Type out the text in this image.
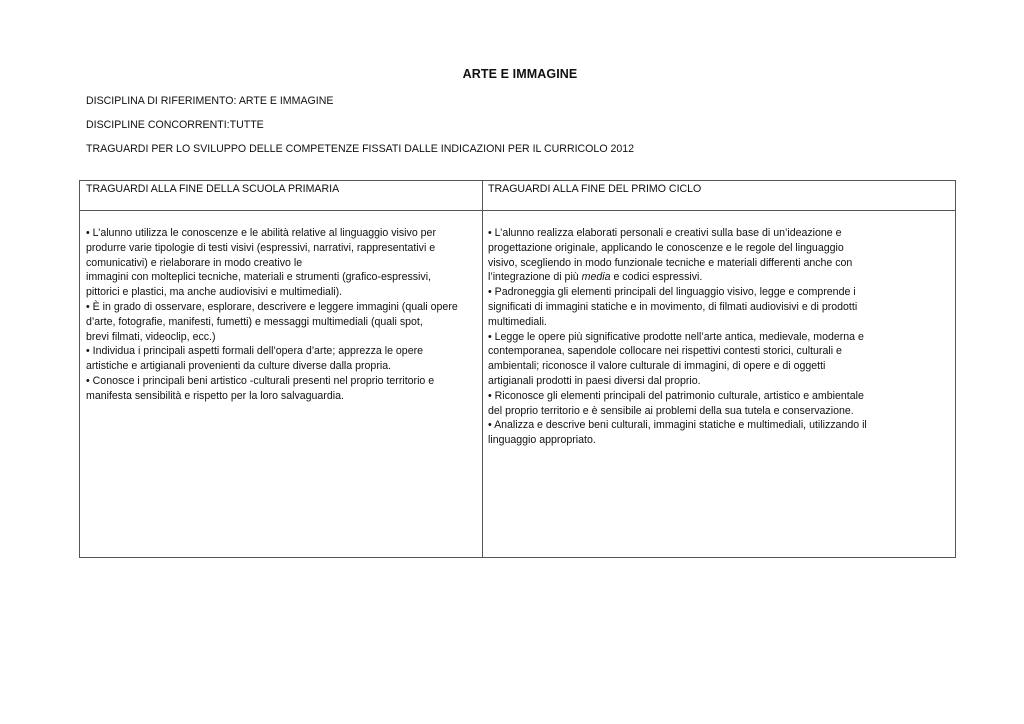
ARTE E IMMAGINE
DISCIPLINA DI RIFERIMENTO: ARTE E IMMAGINE
DISCIPLINE CONCORRENTI:TUTTE
TRAGUARDI PER LO SVILUPPO DELLE COMPETENZE FISSATI DALLE INDICAZIONI PER IL CURRICOLO 2012
TRAGUARDI ALLA FINE DELLA SCUOLA PRIMARIA	TRAGUARDI ALLA FINE DEL PRIMO CICLO
• L’alunno utilizza le conoscenze e le abilità relative al linguaggio visivo per
produrre varie tipologie di testi visivi (espressivi, narrativi, rappresentativi e
comunicativi) e rielaborare in modo creativo le
immagini con molteplici tecniche, materiali e strumenti (grafico-espressivi,
pittorici e plastici, ma anche audiovisivi e multimediali).
• È in grado di osservare, esplorare, descrivere e leggere immagini (quali opere
d’arte, fotografie, manifesti, fumetti) e messaggi multimediali (quali spot,
brevi filmati, videoclip, ecc.)
• Individua i principali aspetti formali dell’opera d’arte; apprezza le opere
artistiche e artigianali provenienti da culture diverse dalla propria.
• Conosce i principali beni artistico -culturali presenti nel proprio territorio e
manifesta sensibilità e rispetto per la loro salvaguardia.
• L’alunno realizza elaborati personali e creativi sulla base di un’ideazione e
progettazione originale, applicando le conoscenze e le regole del linguaggio
visivo, scegliendo in modo funzionale tecniche e materiali differenti anche con
l’integrazione di più media e codici espressivi.
• Padroneggia gli elementi principali del linguaggio visivo, legge e comprende i
significati di immagini statiche e in movimento, di filmati audiovisivi e di prodotti
multimediali.
• Legge le opere più significative prodotte nell’arte antica, medievale, moderna e
contemporanea, sapendole collocare nei rispettivi contesti storici, culturali e
ambientali; riconosce il valore culturale di immagini, di opere e di oggetti
artigianali prodotti in paesi diversi dal proprio.
• Riconosce gli elementi principali del patrimonio culturale, artistico e ambientale
del proprio territorio e è sensibile ai problemi della sua tutela e conservazione.
• Analizza e descrive beni culturali, immagini statiche e multimediali, utilizzando il
linguaggio appropriato.
